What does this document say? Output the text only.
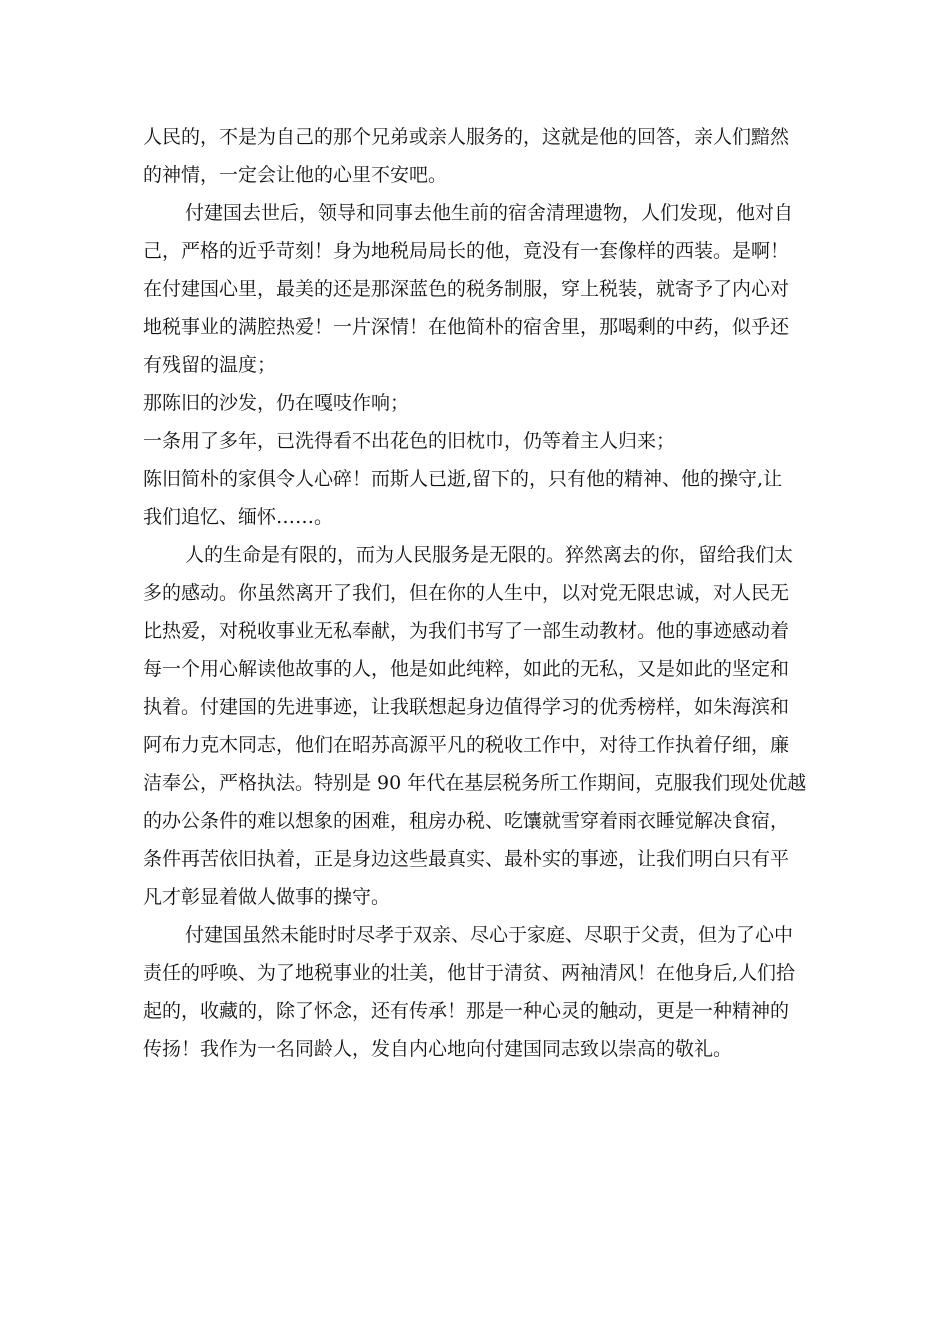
人民的，不是为自己的那个兄弟或亲人服务的，这就是他的回答，亲人们黯然
的神情，一定会让他的心里不安吧。
付建国去世后，领导和同事去他生前的宿舍清理遗物，人们发现，他对自
己，严格的近乎苛刻！身为地税局局长的他，竟没有一套像样的西装。是啊！
在付建国心里，最美的还是那深蓝色的税务制服，穿上税装，就寄予了内心对
地税事业的满腔热爱！一片深情！在他简朴的宿舍里，那喝剩的中药，似乎还
有残留的温度；
那陈旧的沙发，仍在嘎吱作响；
一条用了多年，已洗得看不出花色的旧枕巾，仍等着主人归来；
陈旧简朴的家俱令人心碎！而斯人已逝,留下的，只有他的精神、他的操守,让
我们追忆、缅怀……。
人的生命是有限的，而为人民服务是无限的。猝然离去的你，留给我们太
多的感动。你虽然离开了我们，但在你的人生中，以对党无限忠诚，对人民无
比热爱，对税收事业无私奉献，为我们书写了一部生动教材。他的事迹感动着
每一个用心解读他故事的人，他是如此纯粹，如此的无私，又是如此的坚定和
执着。付建国的先进事迹，让我联想起身边值得学习的优秀榜样，如朱海滨和
阿布力克木同志，他们在昭苏高源平凡的税收工作中，对待工作执着仔细，廉
洁奉公，严格执法。特别是 90 年代在基层税务所工作期间，克服我们现处优越
的办公条件的难以想象的困难，租房办税、吃馕就雪穿着雨衣睡觉解决食宿，
条件再苦依旧执着，正是身边这些最真实、最朴实的事迹，让我们明白只有平
凡才彰显着做人做事的操守。
付建国虽然未能时时尽孝于双亲、尽心于家庭、尽职于父责，但为了心中
责任的呼唤、为了地税事业的壮美，他甘于清贫、两袖清风！在他身后,人们拾
起的，收藏的，除了怀念，还有传承！那是一种心灵的触动，更是一种精神的
传扬！我作为一名同龄人，发自内心地向付建国同志致以崇高的敬礼。
